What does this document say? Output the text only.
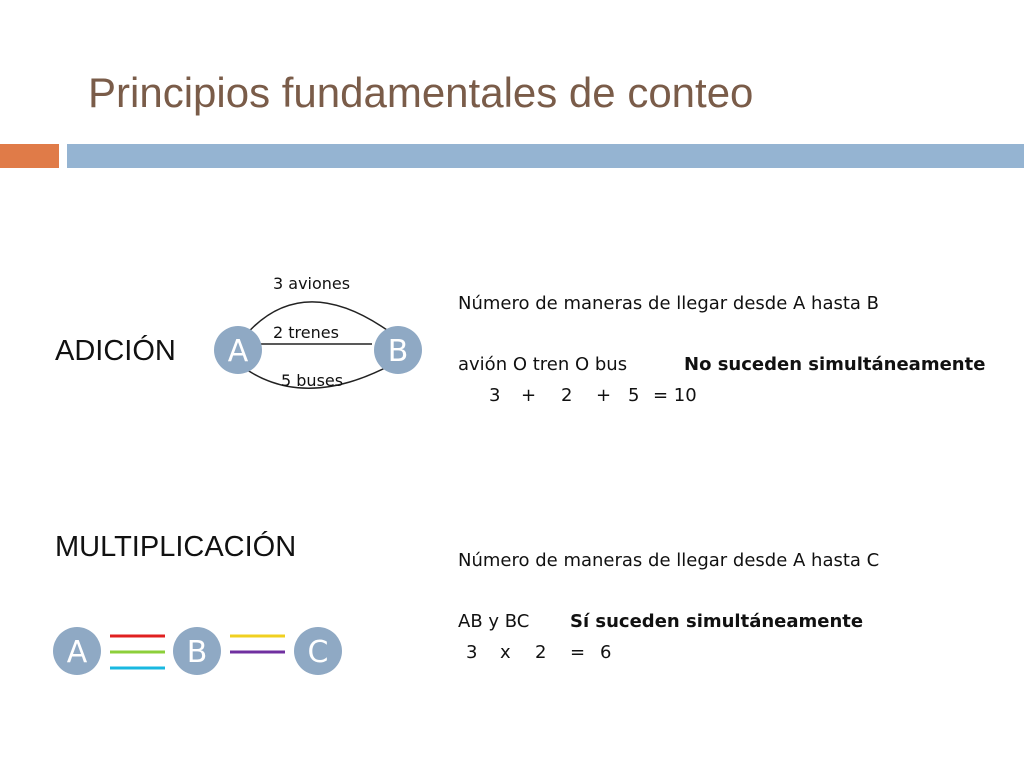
Principios fundamentales de conteo
ADICIÓN
3 aviones
2 trenes
5 buses
A	B
Número de maneras de llegar desde A hasta B
avión O tren O bus	No suceden simultáneamente
3 + 2 + 5 = 10
MULTIPLICACIÓN
A	B	C
Número de maneras de llegar desde A hasta C
AB y BC Sí suceden simultáneamente
3 x 2 = 6
